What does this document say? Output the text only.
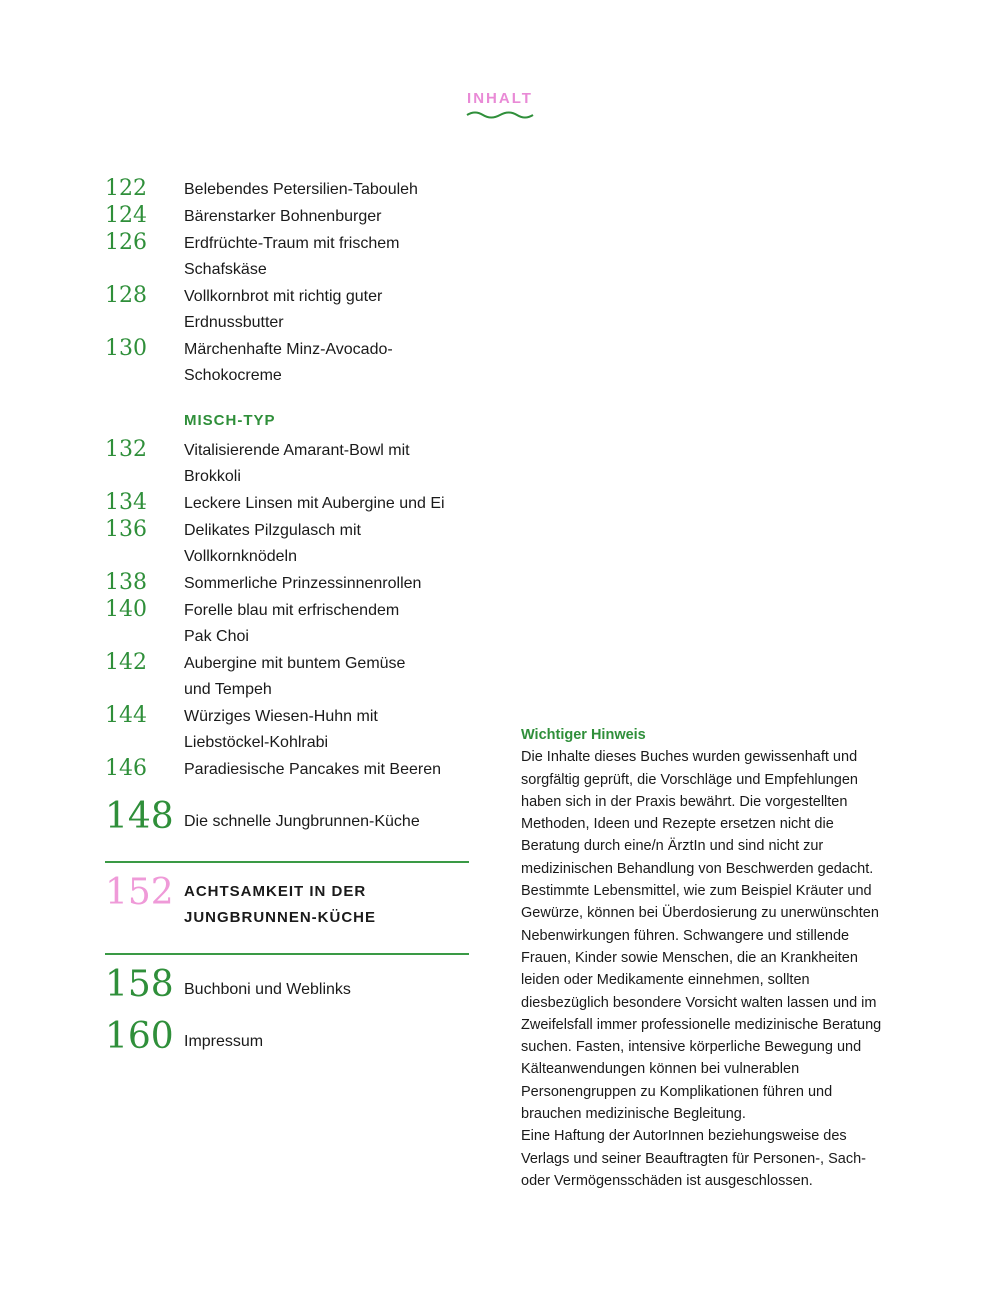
INHALT
122	Belebendes Petersilien-Tabouleh
124	Bärenstarker Bohnenburger
126	Erdfrüchte-Traum mit frischem Schafskäse
128	Vollkornbrot mit richtig guter Erdnussbutter
130	Märchenhafte Minz-Avocado-Schokocreme
MISCH-TYP
132	Vitalisierende Amarant-Bowl mit Brokkoli
134	Leckere Linsen mit Aubergine und Ei
136	Delikates Pilzgulasch mit Vollkornknödeln
138	Sommerliche Prinzessinnenrollen
140	Forelle blau mit erfrischendem Pak Choi
142	Aubergine mit buntem Gemüse und Tempeh
144	Würziges Wiesen-Huhn mit Liebstöckel-Kohlrabi
146	Paradiesische Pancakes mit Beeren
148 Die schnelle Jungbrunnen-Küche
152 ACHTSAMKEIT IN DER JUNGBRUNNEN-KÜCHE
158 Buchboni und Weblinks
160 Impressum
Wichtiger Hinweis

Die Inhalte dieses Buches wurden gewissenhaft und sorgfältig geprüft, die Vorschläge und Empfehlungen haben sich in der Praxis bewährt. Die vorgestellten Methoden, Ideen und Rezepte ersetzen nicht die Beratung durch eine/n ÄrztIn und sind nicht zur medizinischen Behandlung von Beschwerden gedacht. Bestimmte Lebensmittel, wie zum Beispiel Kräuter und Gewürze, können bei Überdosierung zu unerwünschten Nebenwirkungen führen. Schwangere und stillende Frauen, Kinder sowie Menschen, die an Krankheiten leiden oder Medikamente einnehmen, sollten diesbezüglich besondere Vorsicht walten lassen und im Zweifelsfall immer professionelle medizinische Beratung suchen. Fasten, intensive körperliche Bewegung und Kälteanwendungen können bei vulnerablen Personengruppen zu Komplikationen führen und brauchen medizinische Begleitung.

Eine Haftung der AutorInnen beziehungsweise des Verlags und seiner Beauftragten für Personen-, Sach- oder Vermögensschäden ist ausgeschlossen.
